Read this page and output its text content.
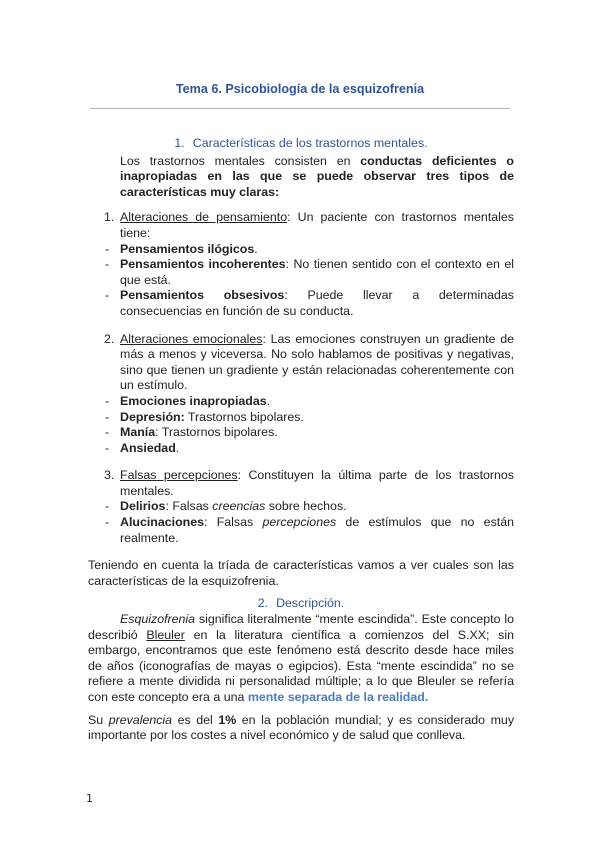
Tema 6. Psicobiología de la esquizofrenia
1. Características de los trastornos mentales.
Los trastornos mentales consisten en conductas deficientes o inapropiadas en las que se puede observar tres tipos de características muy claras:
1. Alteraciones de pensamiento: Un paciente con trastornos mentales tiene:
- Pensamientos ilógicos.
- Pensamientos incoherentes: No tienen sentido con el contexto en el que está.
- Pensamientos obsesivos: Puede llevar a determinadas consecuencias en función de su conducta.
2. Alteraciones emocionales: Las emociones construyen un gradiente de más a menos y viceversa. No solo hablamos de positivas y negativas, sino que tienen un gradiente y están relacionadas coherentemente con un estímulo.
- Emociones inapropiadas.
- Depresión: Trastornos bipolares.
- Manía: Trastornos bipolares.
- Ansiedad.
3. Falsas percepciones: Constituyen la última parte de los trastornos mentales.
- Delirios: Falsas creencias sobre hechos.
- Alucinaciones: Falsas percepciones de estímulos que no están realmente.
Teniendo en cuenta la tríada de características vamos a ver cuales son las características de la esquizofrenia.
2. Descripción.
Esquizofrenia significa literalmente “mente escindida”. Este concepto lo describió Bleuler en la literatura científica a comienzos del S.XX; sin embargo, encontramos que este fenómeno está descrito desde hace miles de años (iconografías de mayas o egipcios). Esta “mente escindida” no se refiere a mente dividida ni personalidad múltiple; a lo que Bleuler se refería con este concepto era a una mente separada de la realidad.
Su prevalencia es del 1% en la población mundial; y es considerado muy importante por los costes a nivel económico y de salud que conlleva.
1
